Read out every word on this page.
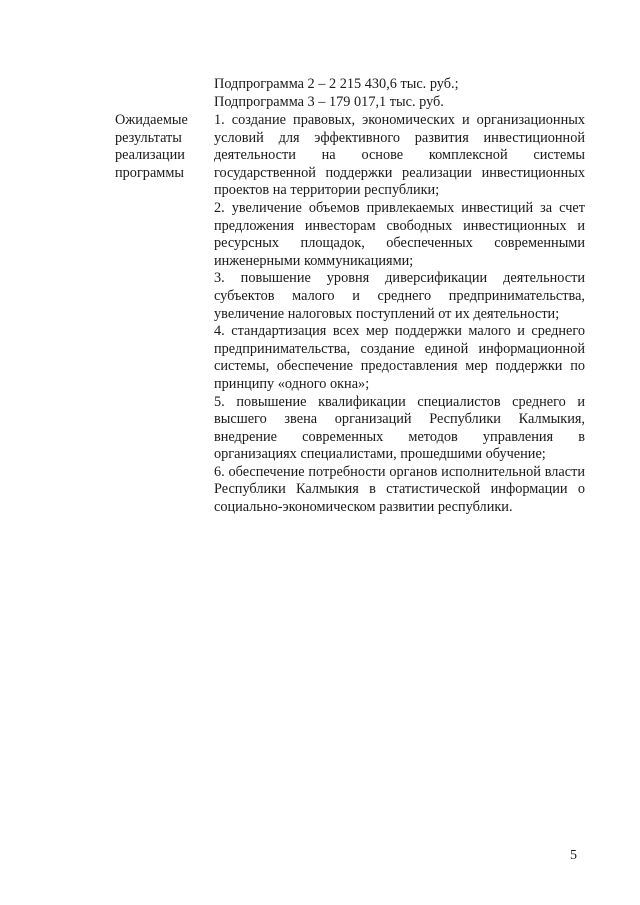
Подпрограмма 2 – 2 215 430,6 тыс. руб.;
Подпрограмма 3 – 179 017,1 тыс. руб.
Ожидаемые
результаты
реализации
программы

1. создание правовых, экономических и организационных условий для эффективного развития инвестиционной деятельности на основе комплексной системы государственной поддержки реализации инвестиционных проектов на территории республики;

2. увеличение объемов привлекаемых инвестиций за счет предложения инвесторам свободных инвестиционных и ресурсных площадок, обеспеченных современными инженерными коммуникациями;

3. повышение уровня диверсификации деятельности субъектов малого и среднего предпринимательства, увеличение налоговых поступлений от их деятельности;

4. стандартизация всех мер поддержки малого и среднего предпринимательства, создание единой информационной системы, обеспечение предоставления мер поддержки по принципу «одного окна»;

5. повышение квалификации специалистов среднего и высшего звена организаций Республики Калмыкия, внедрение современных методов управления в организациях специалистами, прошедшими обучение;

6. обеспечение потребности органов исполнительной власти Республики Калмыкия в статистической информации о социально-экономическом развитии республики.

5
